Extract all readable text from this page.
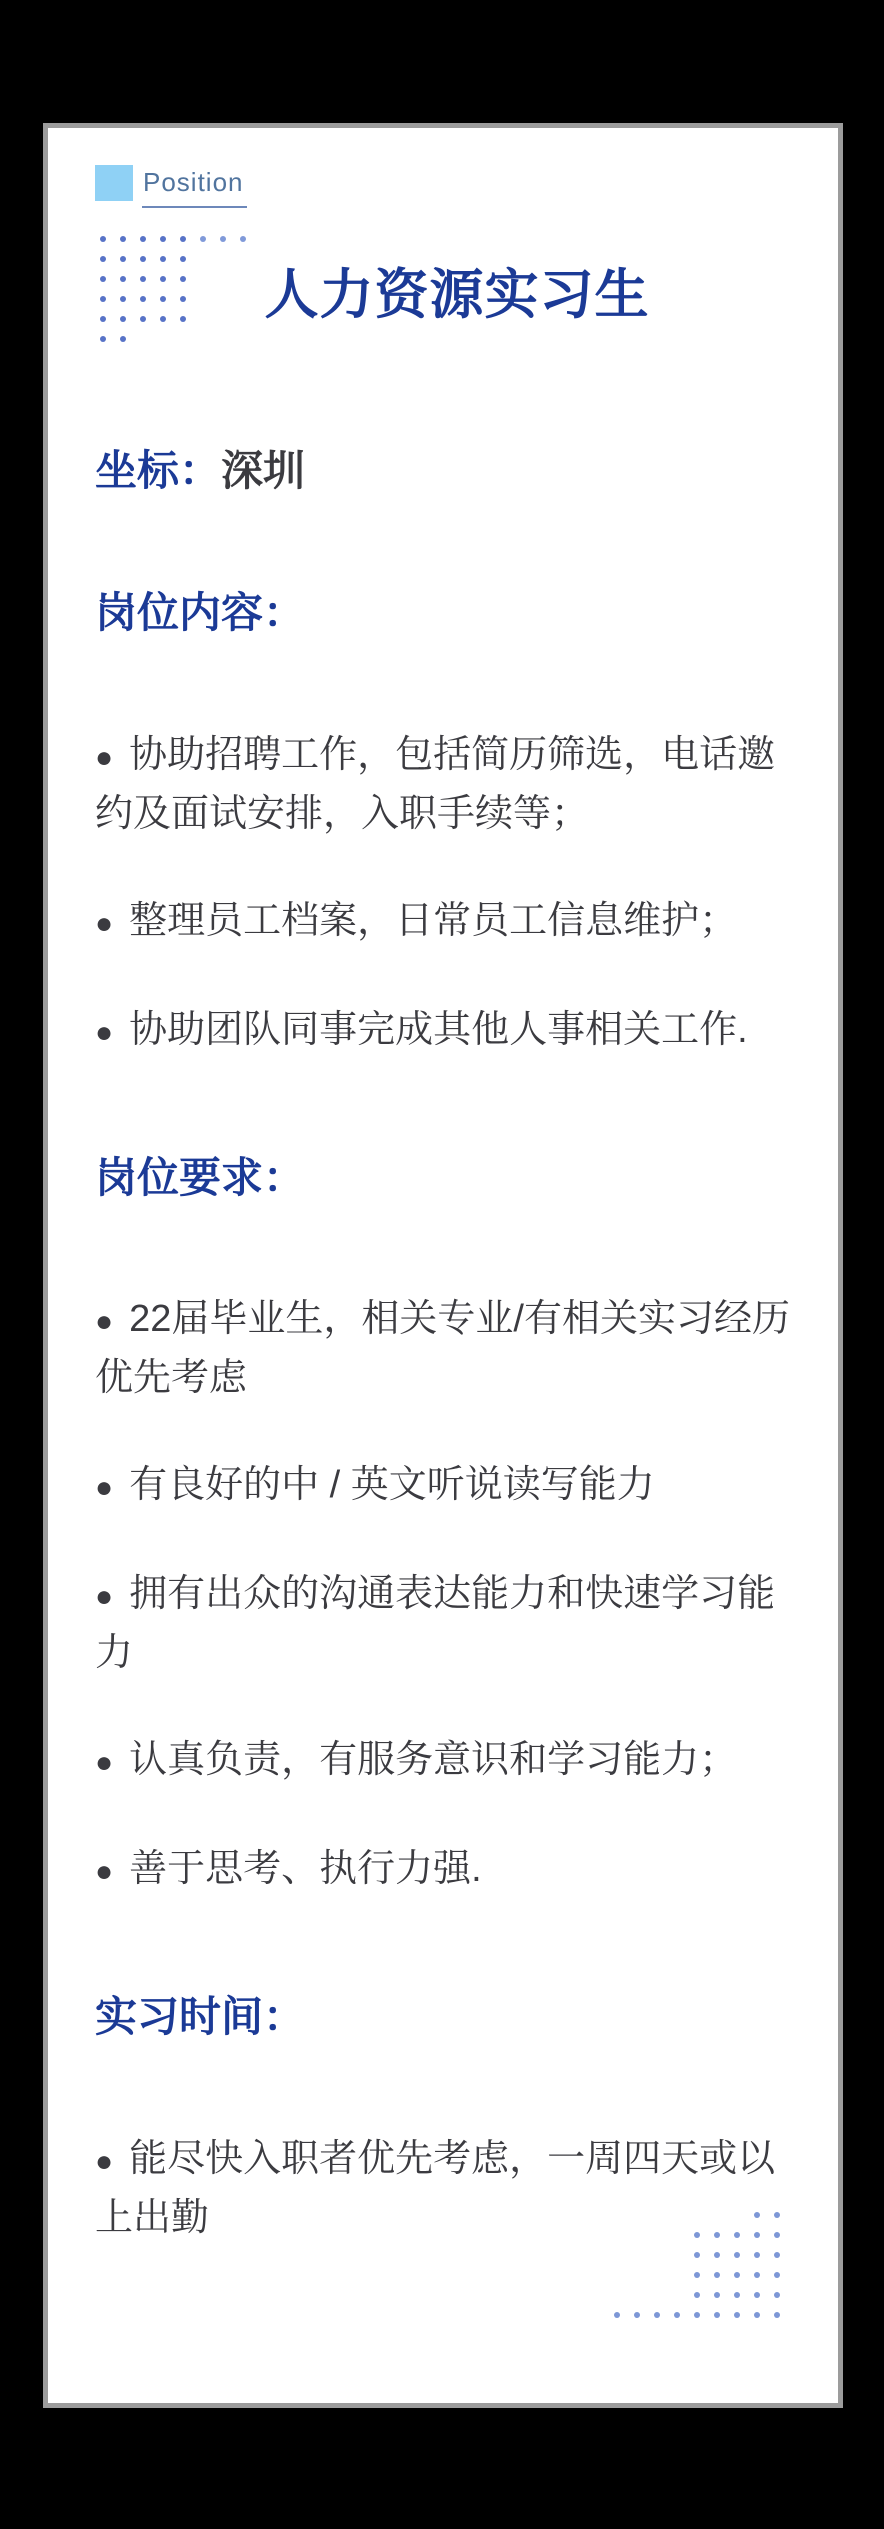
Position
人力资源实习生
坐标：深圳
岗位内容：

● 协助招聘工作，包括简历筛选，电话邀约及面试安排，入职手续等；

● 整理员工档案，日常员工信息维护；

● 协助团队同事完成其他人事相关工作.

岗位要求：

● 22届毕业生，相关专业/有相关实习经历优先考虑

● 有良好的中 / 英文听说读写能力

● 拥有出众的沟通表达能力和快速学习能力

● 认真负责，有服务意识和学习能力；

● 善于思考、执行力强.

实习时间：

● 能尽快入职者优先考虑，一周四天或以上出勤
